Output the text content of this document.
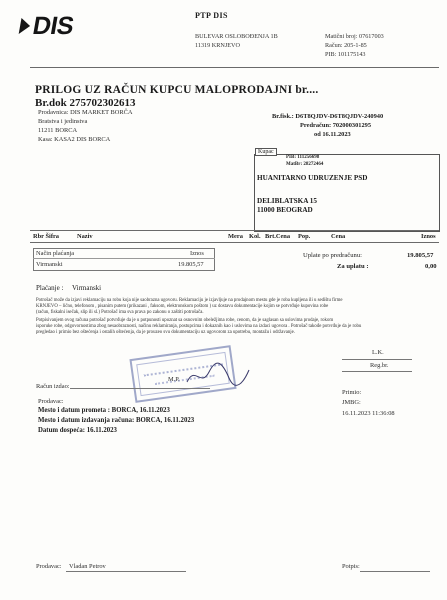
DIS	PTP DIS
BULEVAR OSLOBOĐENJA 1B
11319 KRNJEVO
Matični broj: 07617003
Račun: 205-1-85
PIB: 101175143
PRILOG UZ RAČUN KUPCU MALOPRODAJNI br....
Br.dok 275702302613
Prodavnica: DIS MARKET BORČA
Bratstva i jedinstva
11211 BORCA
Kasa: KASA2 DIS BORCA
Br.fisk.: D6T8QJDV-D6T8QJDV-240940
Predračun: 702000301295
od 16.11.2023
Kupac
PIB: 111256698
MatBr: 28272464
HUANITARNO UDRUZENJE PSD
DELIBLATSKA 15
11000 BEOGRAD
Rbr Šifra	Naziv	Mera Kol. Brt.Cena Pop.	Cena	Iznos
Način plaćanja	Iznos
Virmanski	19.805,57
Uplate po predračunu:	19.805,57
Za uplatu :	0,00
Plaćanje : Virmanski
Potrošač može da izjavi reklamaciju na robu koja nije saobrazna ugovoru. Reklamaciju je izjavljuje na prodajnom mestu gde je roba kupljena ili u sedištu firme
KRNJEVO – lično, telefonom , pisanim putem (prikazani , faksom, elektronskom poštom ) uz dostavu dokumentacije kojim se potvrđuje kupovina robe
(račun, fiskalni isečak, slip ili sl.) Potrošač ima sva prava po zakonu o zaštiti potrošača.
Potpisivanjem ovog računa potrošač potvrđuje da je u potpunosti upoznat sa osnovnim obeležjima robe, cenom, da je saglasan sa uslovima prodaje, rokom
isporuke robe, odgovornostima zbog nesaobraznosti, načinu reklamiranja, postupcima i dokaznih kao i uslovima na izdaci ugovora . Potrošač takođe potvrđuje da je robu
pregledao i primio bez oštećenja i ostalih oštećenja, da je prouzeo svu dokumentaciju uz ugovorom za upotrebu, montažu i održavanje.
L.K.
Reg.br.
M.P.
Račun izdao:
Prodavac:
Primio:
JMBG:
Mesto i datum prometa : BORCA, 16.11.2023	16.11.2023 11:36:08
Mesto i datum izdavanja računa: BORCA, 16.11.2023
Datum dospeća: 16.11.2023
Prodavac: Vladan Petrov	Potpis:
